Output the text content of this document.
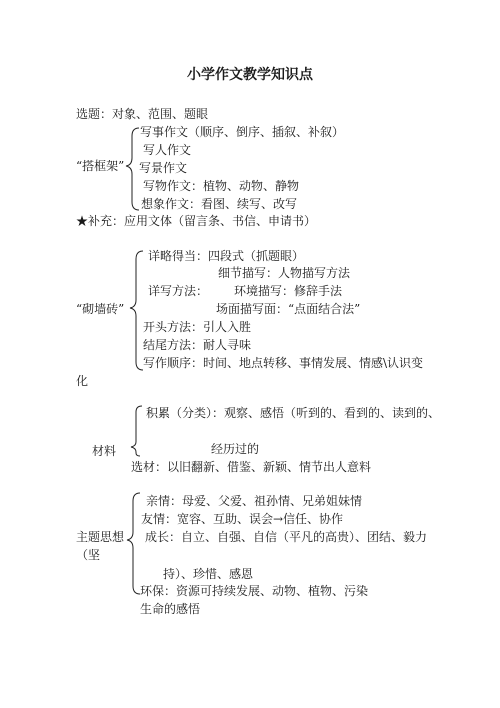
小学作文教学知识点
选题：对象、范围、题眼
“搭框架”
写事作文（顺序、倒序、插叙、补叙）
写人作文
写景作文
写物作文：植物、动物、静物
想象作文：看图、续写、改写
★补充：应用文体（留言条、书信、申请书）
“砌墙砖”
详略得当：四段式（抓题眼）
细节描写：人物描写方法
详写方法： 环境描写：修辞手法
场面描写面：“点面结合法”
开头方法：引人入胜
结尾方法：耐人寻味
写作顺序：时间、地点转移、事情发展、情感\认识变
化
材料
积累（分类）：观察、感悟（听到的、看到的、读到的、
经历过的
选材：以旧翻新、借鉴、新颖、情节出人意料
主题思想
（坚
亲情：母爱、父爱、祖孙情、兄弟姐妹情
友情：宽容、互助、误会→信任、协作
成长：自立、自强、自信（平凡的高贵）、团结、毅力
持）、珍惜、感恩
环保：资源可持续发展、动物、植物、污染
生命的感悟
